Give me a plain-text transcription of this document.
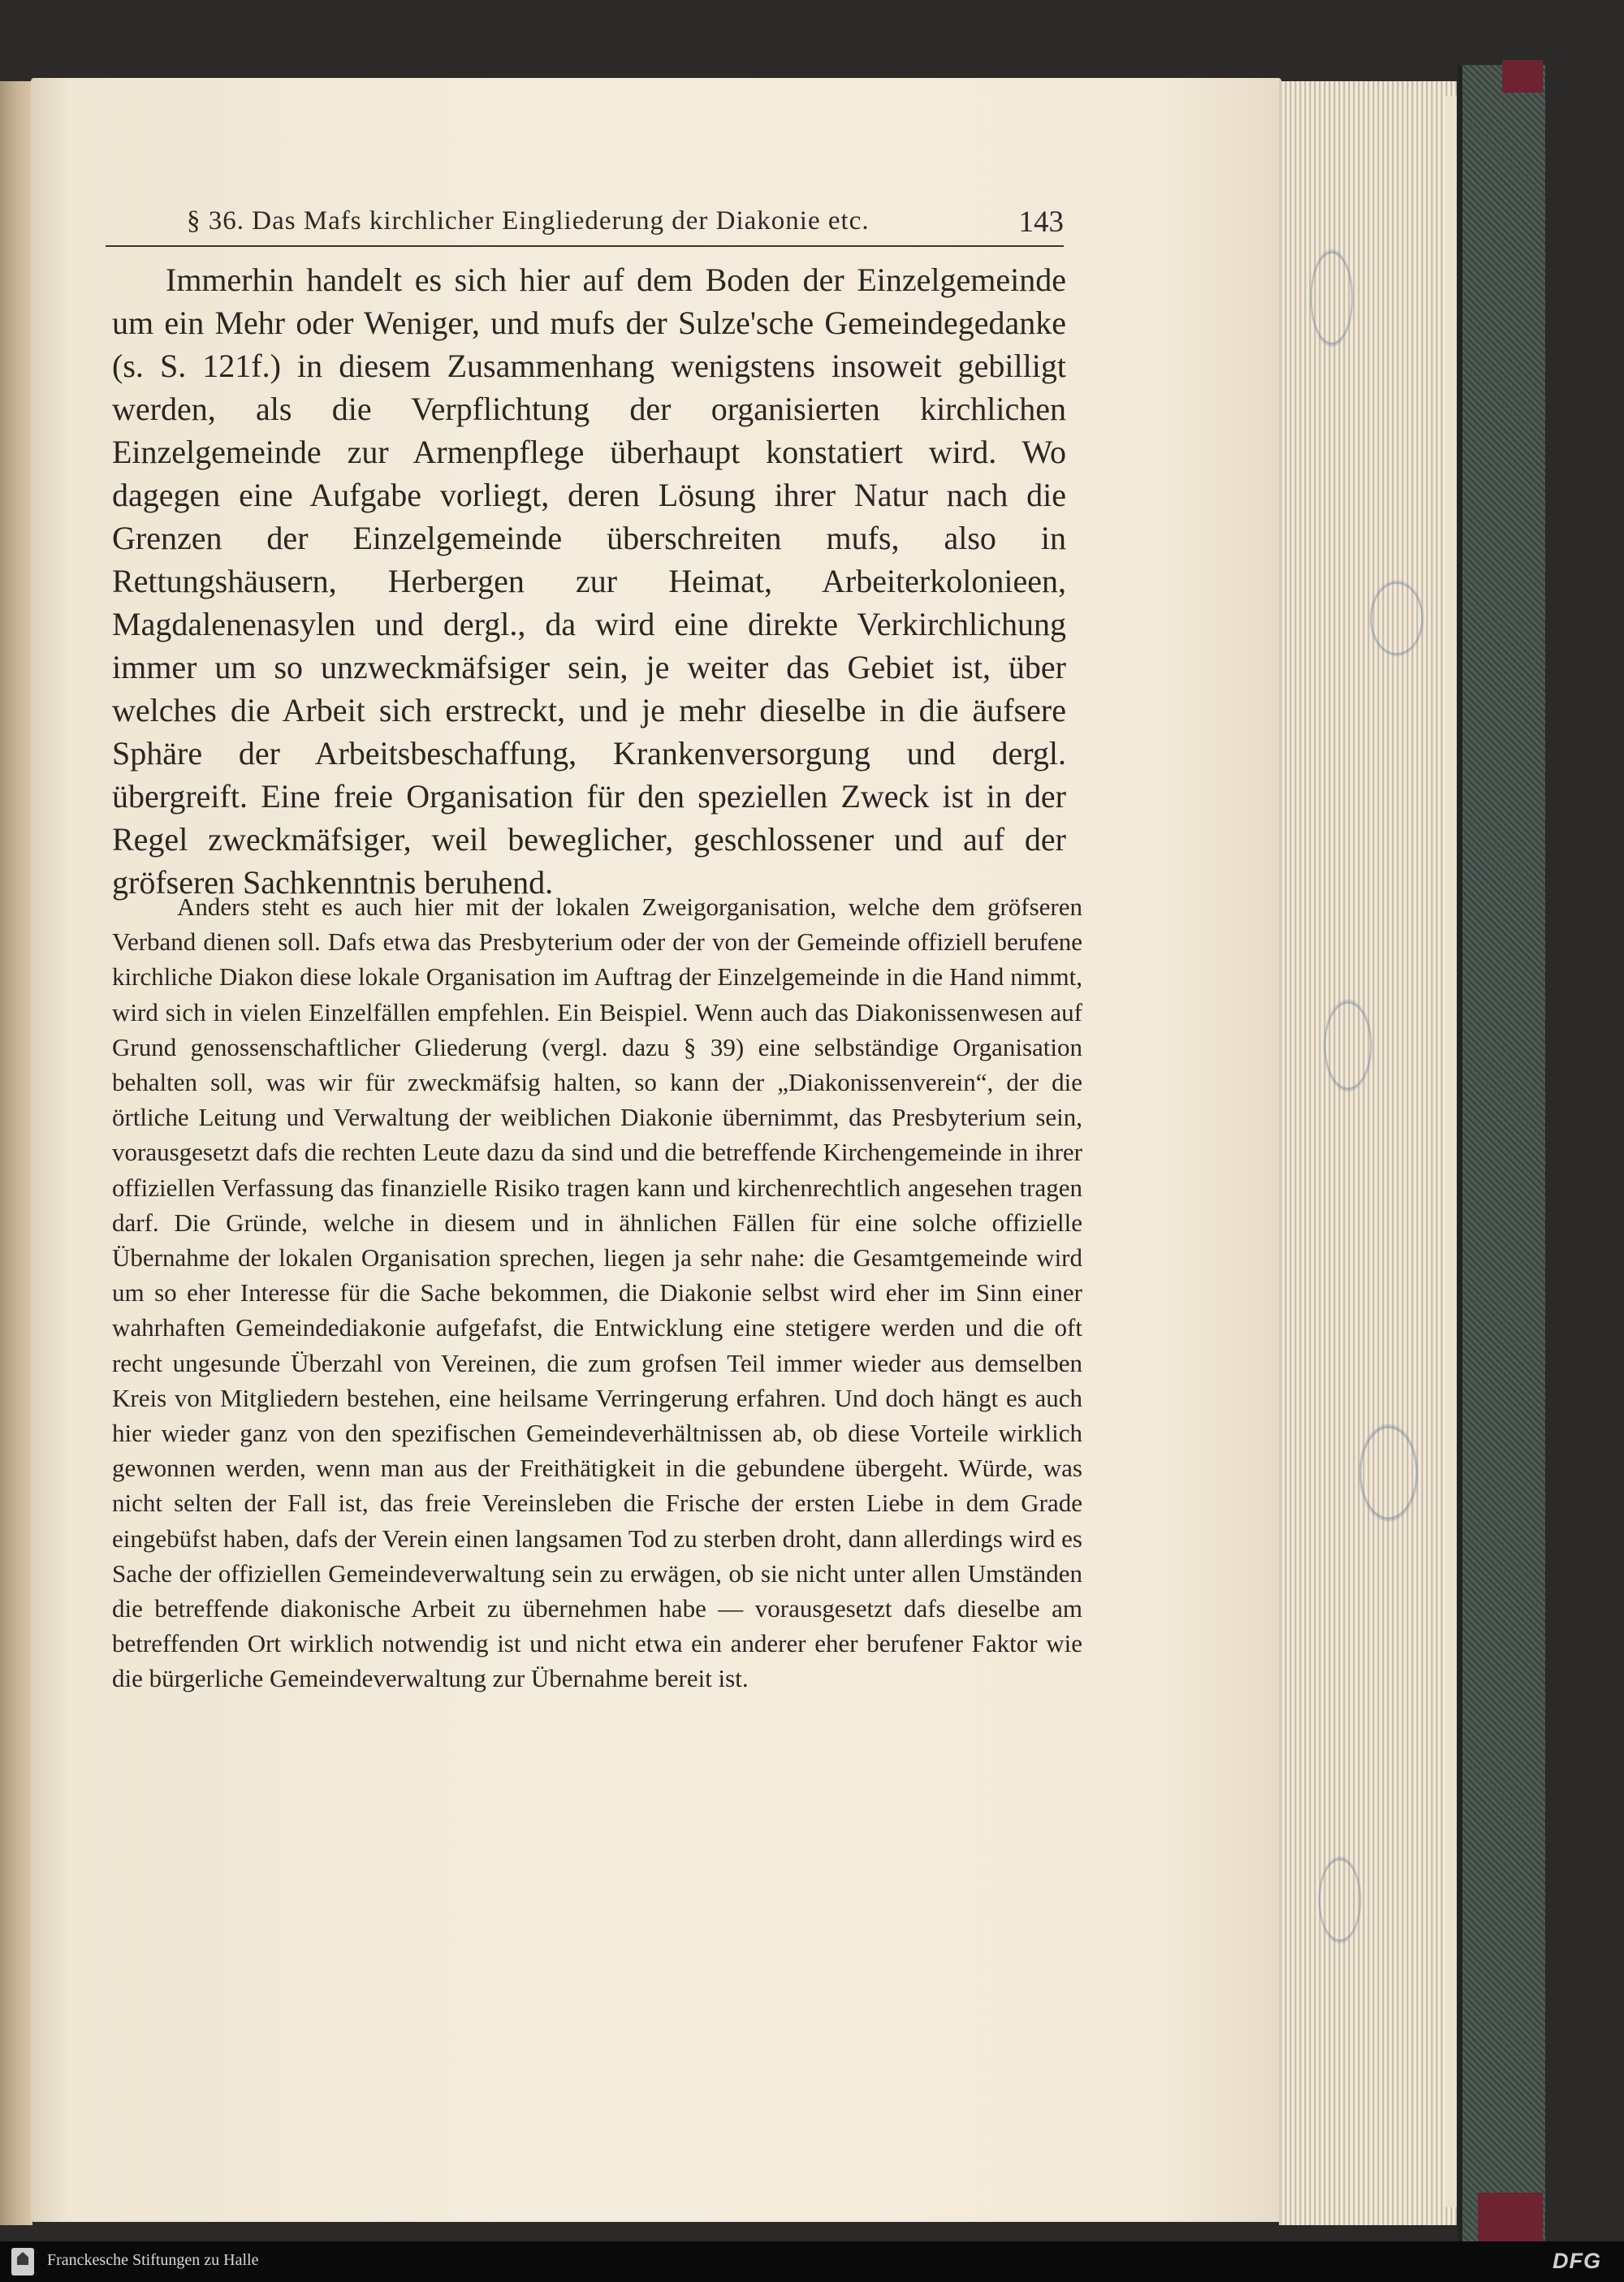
§ 36. Das Mafs kirchlicher Eingliederung der Diakonie etc.	143

Immerhin handelt es sich hier auf dem Boden der Einzelgemeinde um ein Mehr oder Weniger, und mufs der Sulze'sche Gemeindegedanke (s. S. 121f.) in diesem Zusammenhang wenigstens insoweit gebilligt werden, als die Verpflichtung der organisierten kirchlichen Einzelgemeinde zur Armenpflege überhaupt konstatiert wird. Wo dagegen eine Aufgabe vorliegt, deren Lösung ihrer Natur nach die Grenzen der Einzelgemeinde überschreiten mufs, also in Rettungshäusern, Herbergen zur Heimat, Arbeiterkolonieen, Magdalenenasylen und dergl., da wird eine direkte Verkirchlichung immer um so unzweckmäfsiger sein, je weiter das Gebiet ist, über welches die Arbeit sich erstreckt, und je mehr dieselbe in die äufsere Sphäre der Arbeitsbeschaffung, Krankenversorgung und dergl. übergreift. Eine freie Organisation für den speziellen Zweck ist in der Regel zweckmäfsiger, weil beweglicher, geschlossener und auf der gröfseren Sachkenntnis beruhend.

Anders steht es auch hier mit der lokalen Zweigorganisation, welche dem gröfseren Verband dienen soll. Dafs etwa das Presbyterium oder der von der Gemeinde offiziell berufene kirchliche Diakon diese lokale Organisation im Auftrag der Einzelgemeinde in die Hand nimmt, wird sich in vielen Einzelfällen empfehlen. Ein Beispiel. Wenn auch das Diakonissenwesen auf Grund genossenschaftlicher Gliederung (vergl. dazu § 39) eine selbständige Organisation behalten soll, was wir für zweckmäfsig halten, so kann der „Diakonissenverein“, der die örtliche Leitung und Verwaltung der weiblichen Diakonie übernimmt, das Presbyterium sein, vorausgesetzt dafs die rechten Leute dazu da sind und die betreffende Kirchengemeinde in ihrer offiziellen Verfassung das finanzielle Risiko tragen kann und kirchenrechtlich angesehen tragen darf. Die Gründe, welche in diesem und in ähnlichen Fällen für eine solche offizielle Übernahme der lokalen Organisation sprechen, liegen ja sehr nahe: die Gesamtgemeinde wird um so eher Interesse für die Sache bekommen, die Diakonie selbst wird eher im Sinn einer wahrhaften Gemeindediakonie aufgefafst, die Entwicklung eine stetigere werden und die oft recht ungesunde Überzahl von Vereinen, die zum grofsen Teil immer wieder aus demselben Kreis von Mitgliedern bestehen, eine heilsame Verringerung erfahren. Und doch hängt es auch hier wieder ganz von den spezifischen Gemeindeverhältnissen ab, ob diese Vorteile wirklich gewonnen werden, wenn man aus der Freithätigkeit in die gebundene übergeht. Würde, was nicht selten der Fall ist, das freie Vereinsleben die Frische der ersten Liebe in dem Grade eingebüfst haben, dafs der Verein einen langsamen Tod zu sterben droht, dann allerdings wird es Sache der offiziellen Gemeindeverwaltung sein zu erwägen, ob sie nicht unter allen Umständen die betreffende diakonische Arbeit zu übernehmen habe — vorausgesetzt dafs dieselbe am betreffenden Ort wirklich notwendig ist und nicht etwa ein anderer eher berufener Faktor wie die bürgerliche Gemeindeverwaltung zur Übernahme bereit ist.

Franckesche Stiftungen zu Halle	DFG
